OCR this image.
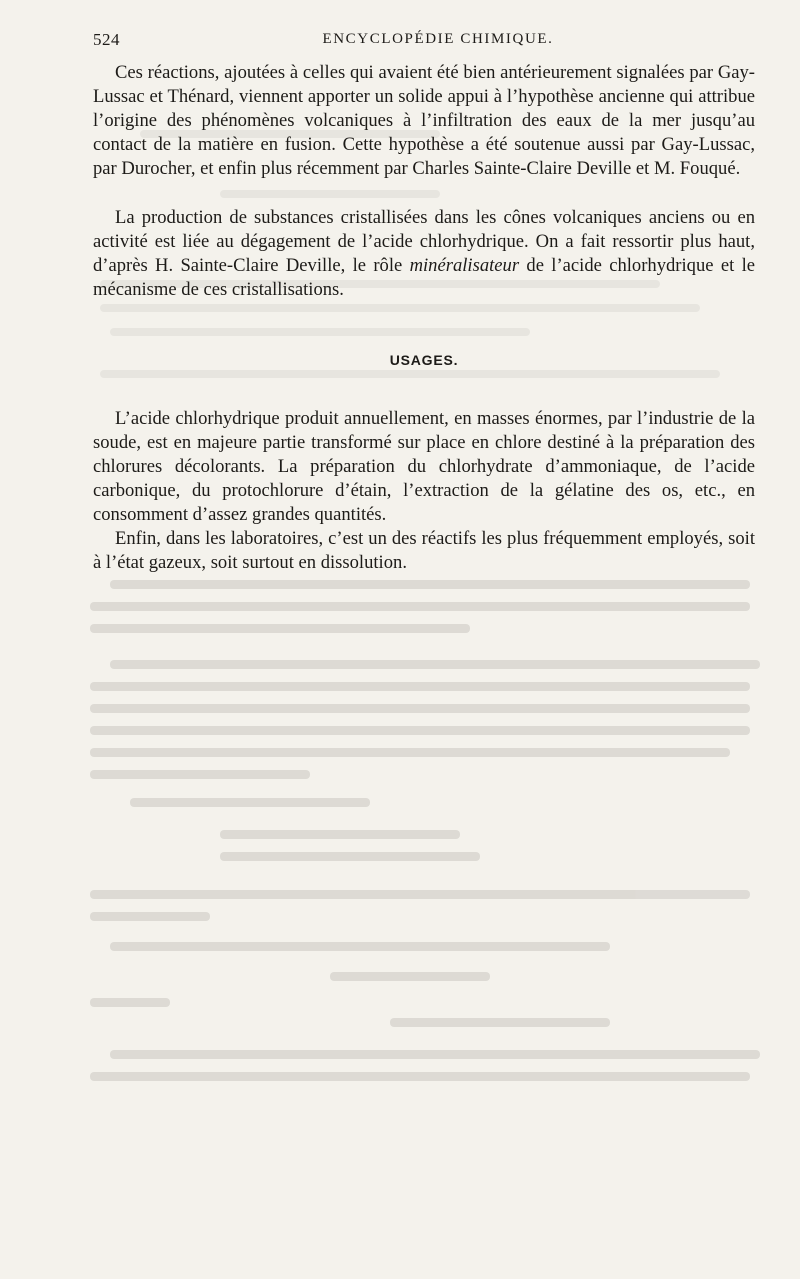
524	ENCYCLOPÉDIE CHIMIQUE.

Ces réactions, ajoutées à celles qui avaient été bien antérieurement signalées par Gay-Lussac et Thénard, viennent apporter un solide appui à l’hypothèse ancienne qui attribue l’origine des phénomènes volcaniques à l’infiltration des eaux de la mer jusqu’au contact de la matière en fusion. Cette hypothèse a été soutenue aussi par Gay-Lussac, par Durocher, et enfin plus récemment par Charles Sainte-Claire Deville et M. Fouqué.

La production de substances cristallisées dans les cônes volcaniques anciens ou en activité est liée au dégagement de l’acide chlorhydrique. On a fait ressortir plus haut, d’après H. Sainte-Claire Deville, le rôle minéralisateur de l’acide chlorhydrique et le mécanisme de ces cristallisations.

USAGES.

L’acide chlorhydrique produit annuellement, en masses énormes, par l’industrie de la soude, est en majeure partie transformé sur place en chlore destiné à la préparation des chlorures décolorants. La préparation du chlorhydrate d’ammoniaque, de l’acide carbonique, du protochlorure d’étain, l’extraction de la gélatine des os, etc., en consomment d’assez grandes quantités.

Enfin, dans les laboratoires, c’est un des réactifs les plus fréquemment employés, soit à l’état gazeux, soit surtout en dissolution.
